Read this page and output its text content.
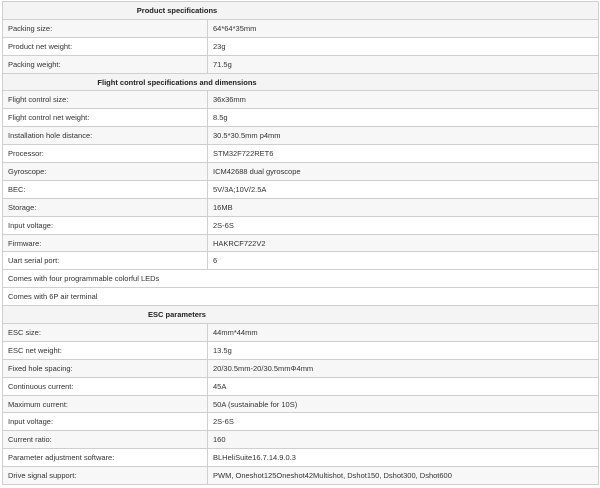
Product specifications	
Packing size:	64*64*35mm
Product net weight:	23g
Packing weight:	71.5g
Flight control specifications and dimensions	
Flight control size:	36x36mm
Flight control net weight:	8.5g
Installation hole distance:	30.5*30.5mm p4mm
Processor:	STM32F722RET6
Gyroscope:	ICM42688 dual gyroscope
BEC:	5V/3A;10V/2.5A
Storage:	16MB
Input voltage:	2S-6S
Firmware:	HAKRCF722V2
Uart serial port:	6
Comes with four programmable colorful LEDs	
Comes with 6P air terminal	
ESC parameters	
ESC size:	44mm*44mm
ESC net weight:	13.5g
Fixed hole spacing:	20/30.5mm-20/30.5mmΦ4mm
Continuous current:	45A
Maximum current:	50A (sustainable for 10S)
Input voltage:	2S-6S
Current ratio:	160
Parameter adjustment software:	BLHeliSuite16.7.14.9.0.3
Drive signal support:	PWM, Oneshot125Oneshot42Multishot, Dshot150, Dshot300, Dshot600
